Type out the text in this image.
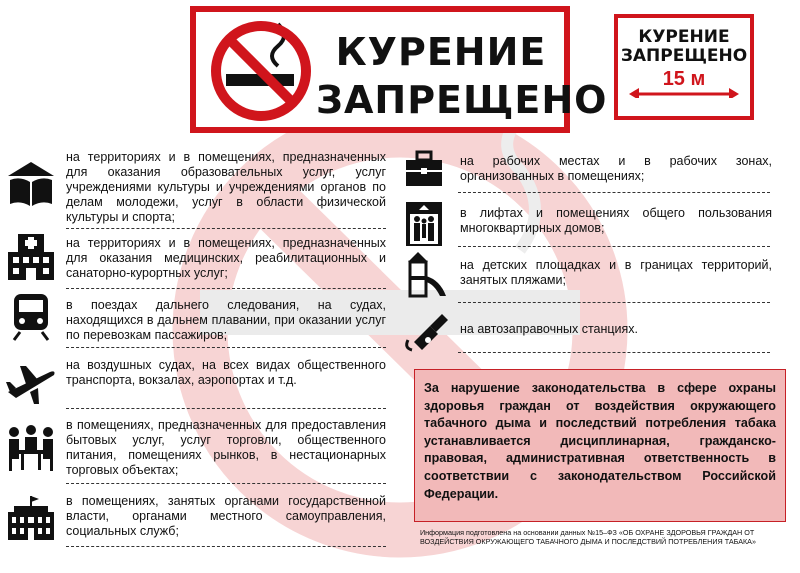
КУРЕНИЕ
ЗАПРЕЩЕНО
КУРЕНИЕ
ЗАПРЕЩЕНО
15 м
на территориях и в помещениях, предназначенных для оказания образовательных услуг, услуг учреждениями культуры и учреждениями органов по делам молодежи, услуг в области физической культуры и спорта;
на территориях и в помещениях, предназначенных для оказания медицинских, реабилитационных и санаторно-курортных услуг;
в поездах дальнего следования, на судах, находящихся в дальнем плавании, при оказании услуг по перевозкам пассажиров;
на воздушных судах, на всех видах общественного транспорта, вокзалах, аэропортах и т.д.
в помещениях, предназначенных для предоставления бытовых услуг, услуг торговли, общественного питания, помещениях рынков, в нестационарных торговых объектах;
в помещениях, занятых органами государственной власти, органами местного самоуправления, социальных служб;
на рабочих местах и в рабочих зонах, организованных в помещениях;
в лифтах и помещениях общего пользования многоквартирных домов;
на детских площадках и в границах территорий, занятых пляжами;
на автозаправочных станциях.
За нарушение законодательства в сфере охраны здоровья граждан от воздействия окружающего табачного дыма и последствий потребления табака устанавливается дисциплинарная, гражданско-правовая, административная ответственность в соответствии с законодательством Российской Федерации.
Информация подготовлена на основании данных №15–ФЗ «ОБ ОХРАНЕ ЗДОРОВЬЯ ГРАЖДАН ОТ ВОЗДЕЙСТВИЯ ОКРУЖАЮЩЕГО ТАБАЧНОГО ДЫМА И ПОСЛЕДСТВИЙ ПОТРЕБЛЕНИЯ ТАБАКА»
